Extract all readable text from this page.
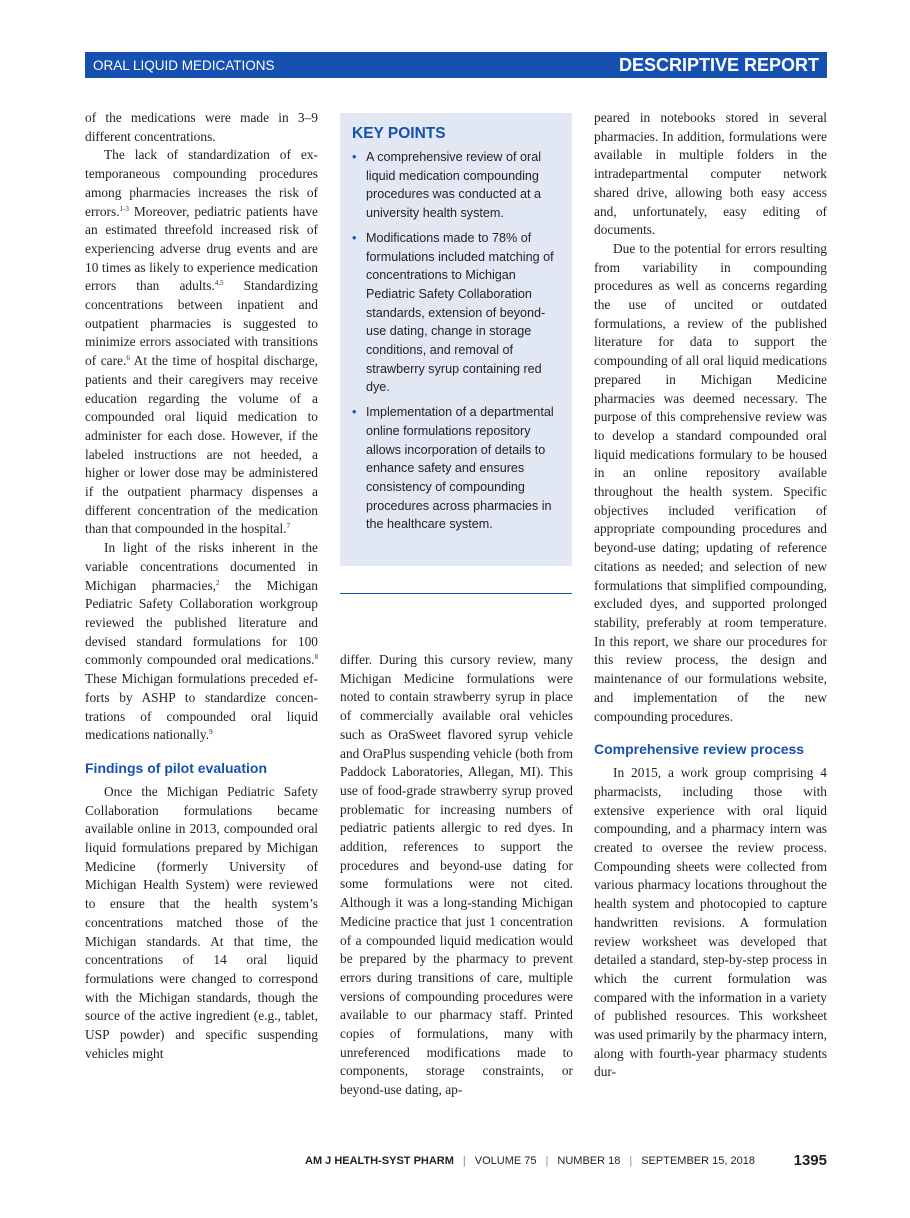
ORAL LIQUID MEDICATIONS	DESCRIPTIVE REPORT

of the medications were made in 3–9 different concentrations.

The lack of standardization of extemporaneous compounding procedures among pharmacies increases the risk of errors.$^{1-3}$ Moreover, pediatric patients have an estimated threefold increased risk of experiencing adverse drug events and are 10 times as likely to experience medication errors than adults.$^{4,5}$ Standardizing concentrations between inpatient and outpatient pharmacies is suggested to minimize errors associated with transitions of care.$^6$ At the time of hospital discharge, patients and their caregivers may receive education regarding the volume of a compounded oral liquid medication to administer for each dose. However, if the labeled instructions are not heeded, a higher or lower dose may be administered if the outpatient pharmacy dispenses a different concentration of the medication than that compounded in the hospital.$^7$

In light of the risks inherent in the variable concentrations documented in Michigan pharmacies,$^2$ the Michigan Pediatric Safety Collaboration workgroup reviewed the published literature and devised standard formulations for 100 commonly compounded oral medications.$^8$ These Michigan formulations preceded efforts by ASHP to standardize concentrations of compounded oral liquid medications nationally.$^9$

Findings of pilot evaluation

Once the Michigan Pediatric Safety Collaboration formulations became available online in 2013, compounded oral liquid formulations prepared by Michigan Medicine (formerly University of Michigan Health System) were reviewed to ensure that the health system’s concentrations matched those of the Michigan standards. At that time, the concentrations of 14 oral liquid formulations were changed to correspond with the Michigan standards, though the source of the active ingredient (e.g., tablet, USP powder) and specific suspending vehicles might

KEY POINTS
• A comprehensive review of oral liquid medication compounding procedures was conducted at a university health system.
• Modifications made to 78% of formulations included matching of concentrations to Michigan Pediatric Safety Collaboration standards, extension of beyond-use dating, change in storage conditions, and removal of strawberry syrup containing red dye.
• Implementation of a departmental online formulations repository allows incorporation of details to enhance safety and ensures consistency of compounding procedures across pharmacies in the healthcare system.

differ. During this cursory review, many Michigan Medicine formulations were noted to contain strawberry syrup in place of commercially available oral vehicles such as OraSweet flavored syrup vehicle and OraPlus suspending vehicle (both from Paddock Laboratories, Allegan, MI). This use of food-grade strawberry syrup proved problematic for increasing numbers of pediatric patients allergic to red dyes. In addition, references to support the procedures and beyond-use dating for some formulations were not cited. Although it was a long-standing Michigan Medicine practice that just 1 concentration of a compounded liquid medication would be prepared by the pharmacy to prevent errors during transitions of care, multiple versions of compounding procedures were available to our pharmacy staff. Printed copies of formulations, many with unreferenced modifications made to components, storage constraints, or beyond-use dating, ap-

peared in notebooks stored in several pharmacies. In addition, formulations were available in multiple folders in the intradepartmental computer network shared drive, allowing both easy access and, unfortunately, easy editing of documents.

Due to the potential for errors resulting from variability in compounding procedures as well as concerns regarding the use of uncited or outdated formulations, a review of the published literature for data to support the compounding of all oral liquid medications prepared in Michigan Medicine pharmacies was deemed necessary. The purpose of this comprehensive review was to develop a standard compounded oral liquid medications formulary to be housed in an online repository available throughout the health system. Specific objectives included verification of appropriate compounding procedures and beyond-use dating; updating of reference citations as needed; and selection of new formulations that simplified compounding, excluded dyes, and supported prolonged stability, preferably at room temperature. In this report, we share our procedures for this review process, the design and maintenance of our formulations website, and implementation of the new compounding procedures.

Comprehensive review process

In 2015, a work group comprising 4 pharmacists, including those with extensive experience with oral liquid compounding, and a pharmacy intern was created to oversee the review process. Compounding sheets were collected from various pharmacy locations throughout the health system and photocopied to capture handwritten revisions. A formulation review worksheet was developed that detailed a standard, step-by-step process in which the current formulation was compared with the information in a variety of published resources. This worksheet was used primarily by the pharmacy intern, along with fourth-year pharmacy students dur-

AM J HEALTH-SYST PHARM | VOLUME 75 | NUMBER 18 | SEPTEMBER 15, 2018	1395
